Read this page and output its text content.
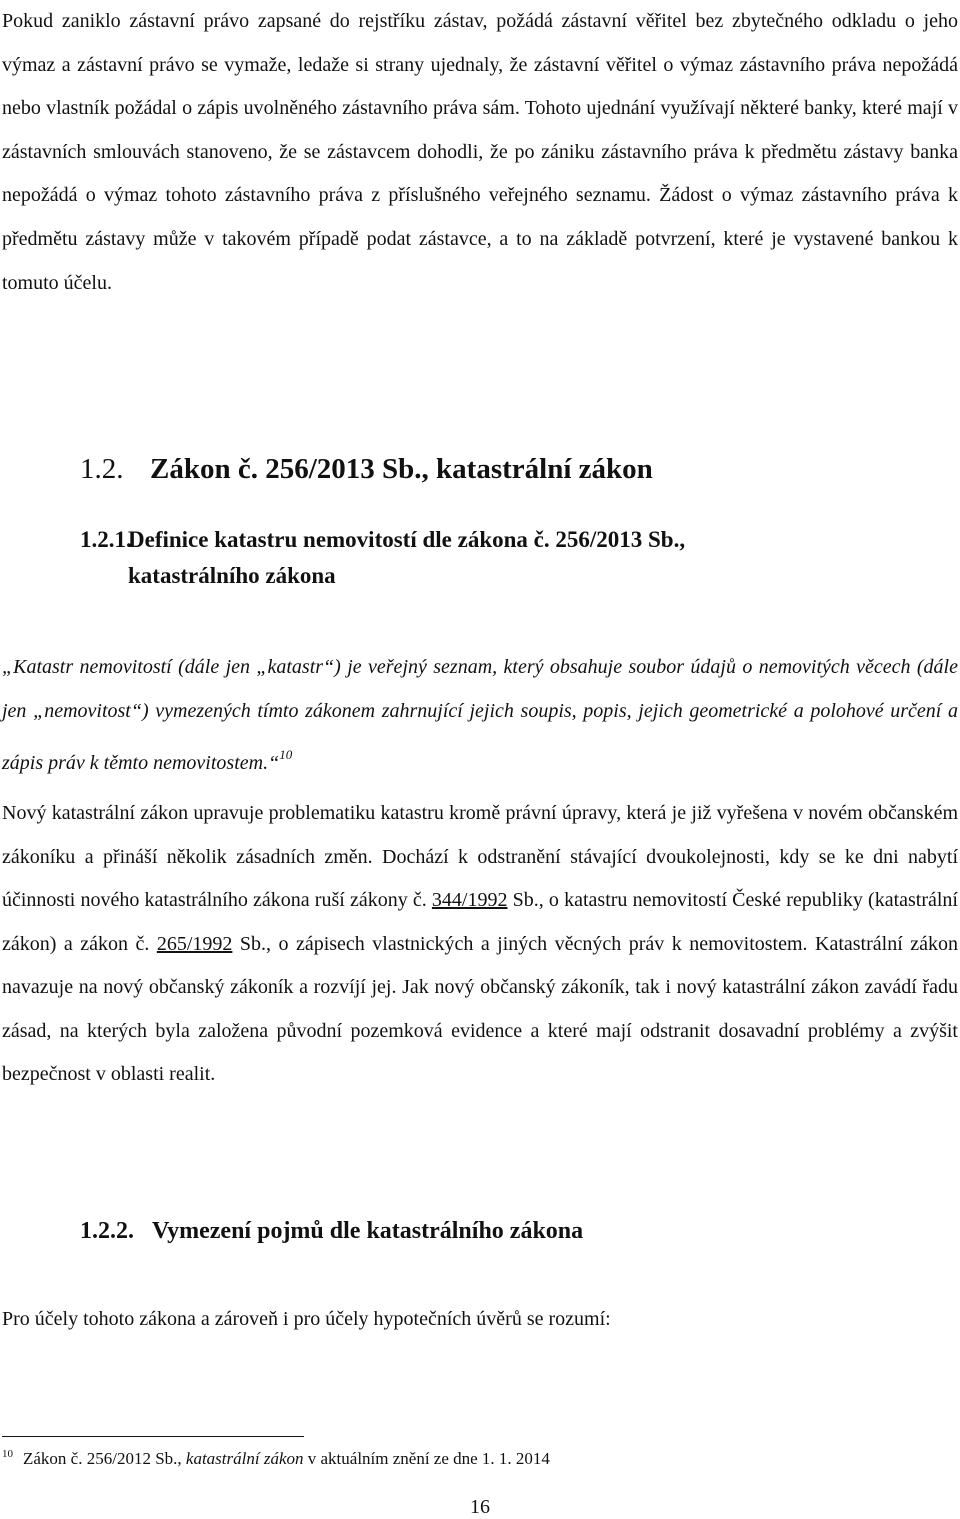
Pokud zaniklo zástavní právo zapsané do rejstříku zástav, požádá zástavní věřitel bez zbytečného odkladu o jeho výmaz a zástavní právo se vymaže, ledaže si strany ujednaly, že zástavní věřitel o výmaz zástavního práva nepožádá nebo vlastník požádal o zápis uvolněného zástavního práva sám. Tohoto ujednání využívají některé banky, které mají v zástavních smlouvách stanoveno, že se zástavcem dohodli, že po zániku zástavního práva k předmětu zástavy banka nepožádá o výmaz tohoto zástavního práva z příslušného veřejného seznamu. Žádost o výmaz zástavního práva k předmětu zástavy může v takovém případě podat zástavce, a to na základě potvrzení, které je vystavené bankou k tomuto účelu.

1.2. Zákon č. 256/2013 Sb., katastrální zákon
1.2.1.Definice katastru nemovitostí dle zákona č. 256/2013 Sb.,
katastrálního zákona

„Katastr nemovitostí (dále jen „katastr“) je veřejný seznam, který obsahuje soubor údajů o nemovitých věcech (dále jen „nemovitost“) vymezených tímto zákonem zahrnující jejich soupis, popis, jejich geometrické a polohové určení a zápis práv k těmto nemovitostem.“$^{10}$

Nový katastrální zákon upravuje problematiku katastru kromě právní úpravy, která je již vyřešena v novém občanském zákoníku a přináší několik zásadních změn. Dochází k odstranění stávající dvoukolejnosti, kdy se ke dni nabytí účinnosti nového katastrálního zákona ruší zákony č. 344/1992 Sb., o katastru nemovitostí České republiky (katastrální zákon) a zákon č. 265/1992 Sb., o zápisech vlastnických a jiných věcných práv k nemovitostem. Katastrální zákon navazuje na nový občanský zákoník a rozvíjí jej. Jak nový občanský zákoník, tak i nový katastrální zákon zavádí řadu zásad, na kterých byla založena původní pozemková evidence a které mají odstranit dosavadní problémy a zvýšit bezpečnost v oblasti realit.

1.2.2. Vymezení pojmů dle katastrálního zákona

Pro účely tohoto zákona a zároveň i pro účely hypotečních úvěrů se rozumí:

$^{10}$ Zákon č. 256/2012 Sb., katastrální zákon v aktuálním znění ze dne 1. 1. 2014

16
